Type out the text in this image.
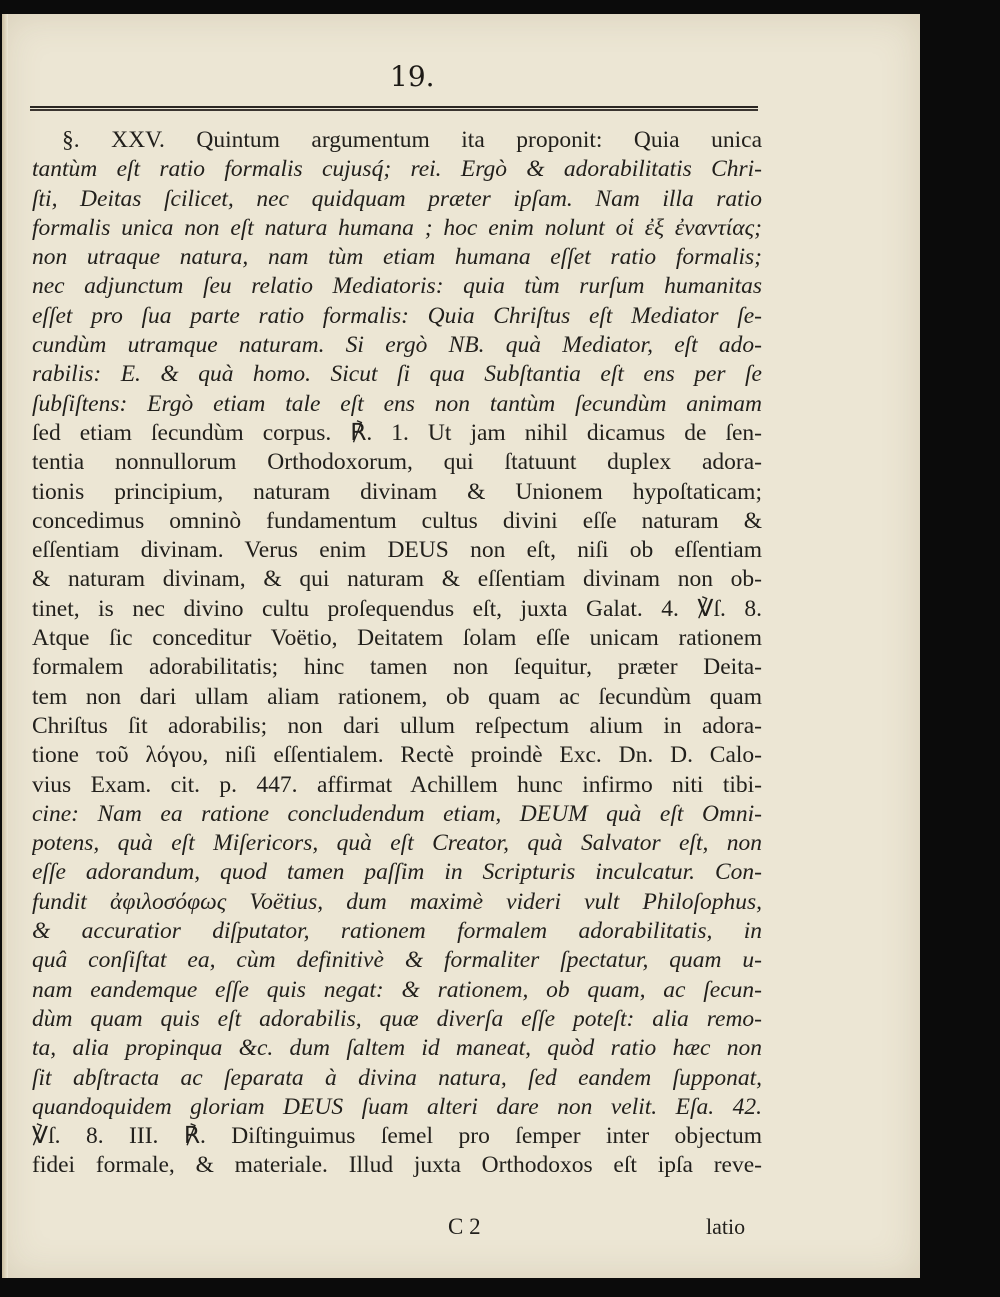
19.
§. XXV. Quintum argumentum ita proponit: Quia unica
tantùm eſt ratio formalis cujusq́; rei. Ergò & adorabilitatis Chri-
ſti, Deitas ſcilicet, nec quidquam præter ipſam. Nam illa ratio
formalis unica non eſt natura humana ; hoc enim nolunt οἱ ἐξ ἐναντίας;
non utraque natura, nam tùm etiam humana eſſet ratio formalis;
nec adjunctum ſeu relatio Mediatoris: quia tùm rurſum humanitas
eſſet pro ſua parte ratio formalis: Quia Chriſtus eſt Mediator ſe-
cundùm utramque naturam. Si ergò NB. quà Mediator, eſt ado-
rabilis: E. & quà homo. Sicut ſi qua Subſtantia eſt ens per ſe
ſubſiſtens: Ergò etiam tale eſt ens non tantùm ſecundùm animam
ſed etiam ſecundùm corpus. ℟. 1. Ut jam nihil dicamus de ſen-
tentia nonnullorum Orthodoxorum, qui ſtatuunt duplex adora-
tionis principium, naturam divinam & Unionem hypoſtaticam;
concedimus omninò fundamentum cultus divini eſſe naturam &
eſſentiam divinam. Verus enim DEUS non eſt, niſi ob eſſentiam
& naturam divinam, & qui naturam & eſſentiam divinam non ob-
tinet, is nec divino cultu proſequendus eſt, juxta Galat. 4. ℣ſ. 8.
Atque ſic conceditur Voëtio, Deitatem ſolam eſſe unicam rationem
formalem adorabilitatis; hinc tamen non ſequitur, præter Deita-
tem non dari ullam aliam rationem, ob quam ac ſecundùm quam
Chriſtus ſit adorabilis; non dari ullum reſpectum alium in adora-
tione τοῦ λόγου, niſi eſſentialem. Rectè proindè Exc. Dn. D. Calo-
vius Exam. cit. p. 447. affirmat Achillem hunc infirmo niti tibi-
cine: Nam ea ratione concludendum etiam, DEUM quà eſt Omni-
potens, quà eſt Miſericors, quà eſt Creator, quà Salvator eſt, non
eſſe adorandum, quod tamen paſſim in Scripturis inculcatur. Con-
fundit ἀφιλοσόφως Voëtius, dum maximè videri vult Philoſophus,
& accuratior diſputator, rationem formalem adorabilitatis, in
quâ conſiſtat ea, cùm definitivè & formaliter ſpectatur, quam u-
nam eandemque eſſe quis negat: & rationem, ob quam, ac ſecun-
dùm quam quis eſt adorabilis, quæ diverſa eſſe poteſt: alia remo-
ta, alia propinqua &c. dum ſaltem id maneat, quòd ratio hæc non
ſit abſtracta ac ſeparata à divina natura, ſed eandem ſupponat,
quandoquidem gloriam DEUS ſuam alteri dare non velit. Eſa. 42.
℣ſ. 8. III. ℟. Diſtinguimus ſemel pro ſemper inter objectum
fidei formale, & materiale. Illud juxta Orthodoxos eſt ipſa reve-
C 2	latio
